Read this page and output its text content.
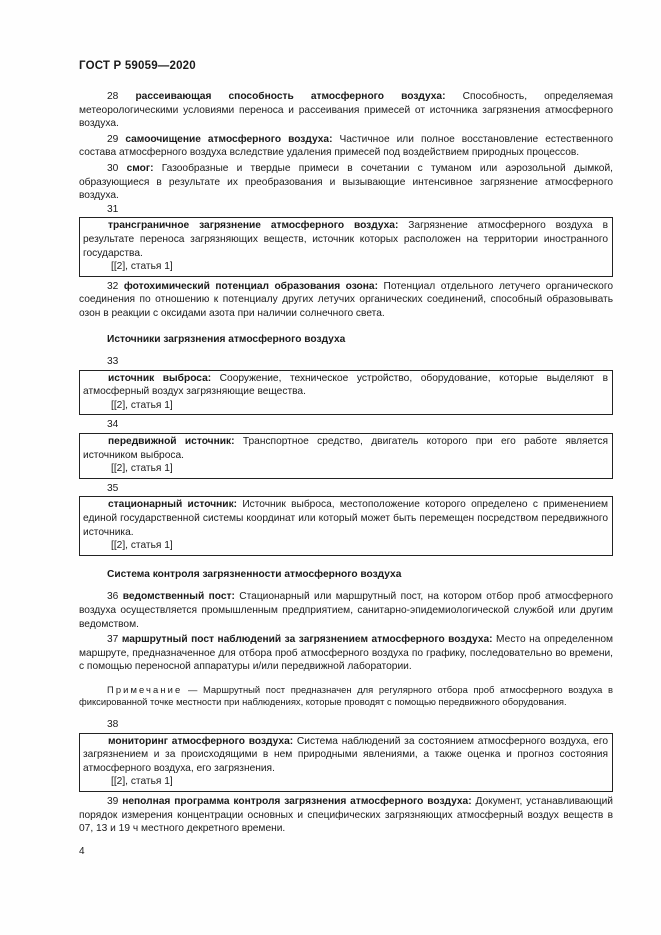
ГОСТ Р 59059—2020

28 рассеивающая способность атмосферного воздуха: Способность, определяемая метеорологическими условиями переноса и рассеивания примесей от источника загрязнения атмосферного воздуха.

29 самоочищение атмосферного воздуха: Частичное или полное восстановление естественного состава атмосферного воздуха вследствие удаления примесей под воздействием природных процессов.

30 смог: Газообразные и твердые примеси в сочетании с туманом или аэрозольной дымкой, образующиеся в результате их преобразования и вызывающие интенсивное загрязнение атмосферного воздуха.

31

трансграничное загрязнение атмосферного воздуха: Загрязнение атмосферного воздуха в результате переноса загрязняющих веществ, источник которых расположен на территории иностранного государства.

[[2], статья 1]

32 фотохимический потенциал образования озона: Потенциал отдельного летучего органического соединения по отношению к потенциалу других летучих органических соединений, способный образовывать озон в реакции с оксидами азота при наличии солнечного света.

Источники загрязнения атмосферного воздуха
33

источник выброса: Сооружение, техническое устройство, оборудование, которые выделяют в атмосферный воздух загрязняющие вещества.

[[2], статья 1]
34

передвижной источник: Транспортное средство, двигатель которого при его работе является источником выброса.

[[2], статья 1]
35

стационарный источник: Источник выброса, местоположение которого определено с применением единой государственной системы координат или который может быть перемещен посредством передвижного источника.

[[2], статья 1]
Система контроля загрязненности атмосферного воздуха

36 ведомственный пост: Стационарный или маршрутный пост, на котором отбор проб атмосферного воздуха осуществляется промышленным предприятием, санитарно-эпидемиологической службой или другим ведомством.

37 маршрутный пост наблюдений за загрязнением атмосферного воздуха: Место на определенном маршруте, предназначенное для отбора проб атмосферного воздуха по графику, последовательно во времени, с помощью переносной аппаратуры и/или передвижной лаборатории.

Примечание — Маршрутный пост предназначен для регулярного отбора проб атмосферного воздуха в фиксированной точке местности при наблюдениях, которые проводят с помощью передвижного оборудования.

38

мониторинг атмосферного воздуха: Система наблюдений за состоянием атмосферного воздуха, его загрязнением и за происходящими в нем природными явлениями, а также оценка и прогноз состояния атмосферного воздуха, его загрязнения.

[[2], статья 1]

39 неполная программа контроля загрязнения атмосферного воздуха: Документ, устанавливающий порядок измерения концентрации основных и специфических загрязняющих атмосферный воздух веществ в 07, 13 и 19 ч местного декретного времени.

4
